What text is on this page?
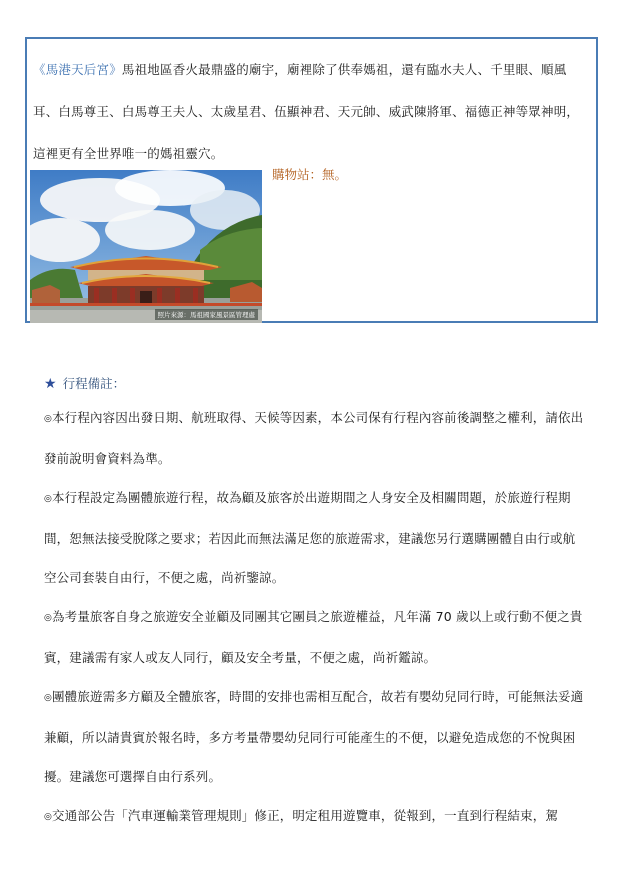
《馬港天后宮》馬祖地區香火最鼎盛的廟宇，廟裡除了供奉媽祖，還有臨水夫人、千里眼、順風耳、白馬尊王、白馬尊王夫人、太歲星君、伍顯神君、天元帥、威武陳將軍、福德正神等眾神明，這裡更有全世界唯一的媽祖靈穴。
照片來源：馬祖國家風景區管理處
購物站：無。
★ 行程備註：

◎本行程內容因出發日期、航班取得、天候等因素，本公司保有行程內容前後調整之權利，請依出發前說明會資料為準。

◎本行程設定為團體旅遊行程，故為顧及旅客於出遊期間之人身安全及相關問題，於旅遊行程期間，恕無法接受脫隊之要求；若因此而無法滿足您的旅遊需求，建議您另行選購團體自由行或航空公司套裝自由行，不便之處，尚祈鑒諒。

◎為考量旅客自身之旅遊安全並顧及同團其它團員之旅遊權益，凡年滿 70 歲以上或行動不便之貴賓，建議需有家人或友人同行，顧及安全考量，不便之處，尚祈鑑諒。

◎團體旅遊需多方顧及全體旅客，時間的安排也需相互配合，故若有嬰幼兒同行時，可能無法妥適兼顧，所以請貴賓於報名時，多方考量帶嬰幼兒同行可能產生的不便，以避免造成您的不悅與困擾。建議您可選擇自由行系列。

◎交通部公告「汽車運輸業管理規則」修正，明定租用遊覽車，從報到，一直到行程結束，駕
